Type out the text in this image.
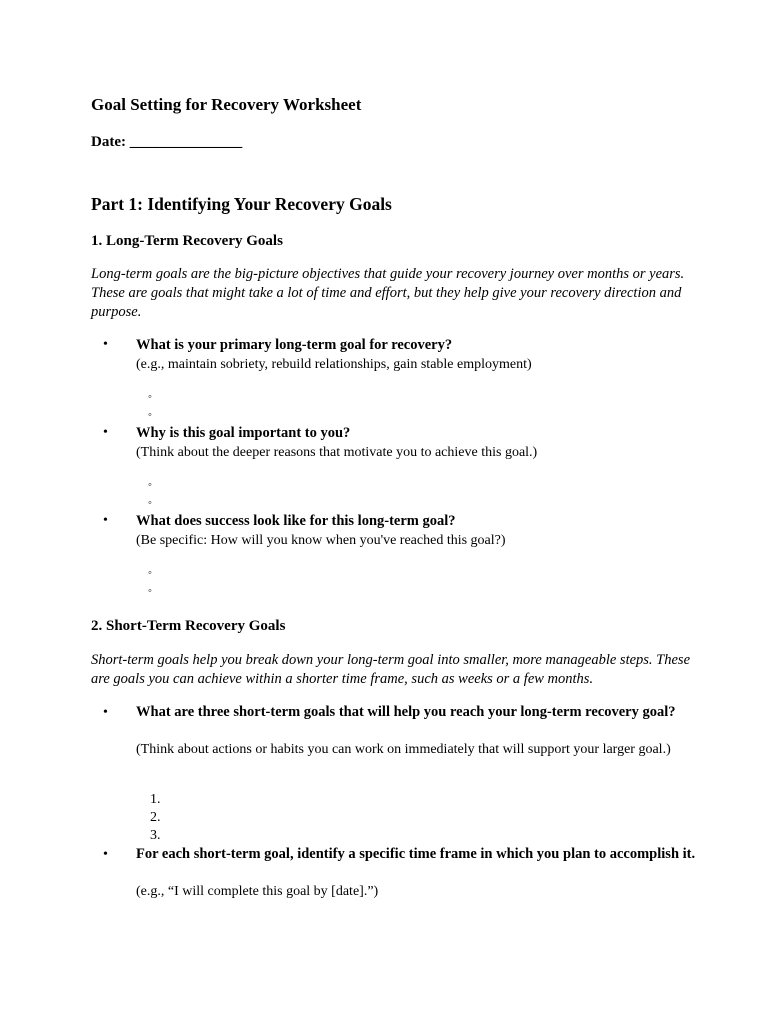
Goal Setting for Recovery Worksheet

Date: _______________

Part 1: Identifying Your Recovery Goals
1. Long-Term Recovery Goals

Long-term goals are the big-picture objectives that guide your recovery journey over months or years. These are goals that might take a lot of time and effort, but they help give your recovery direction and purpose.

• What is your primary long-term goal for recovery?

(e.g., maintain sobriety, rebuild relationships, gain stable employment)

◦
◦
• Why is this goal important to you?

(Think about the deeper reasons that motivate you to achieve this goal.)

◦
◦
• What does success look like for this long-term goal?

(Be specific: How will you know when you've reached this goal?)

◦
◦
2. Short-Term Recovery Goals

Short-term goals help you break down your long-term goal into smaller, more manageable steps. These are goals you can achieve within a shorter time frame, such as weeks or a few months.

• What are three short-term goals that will help you reach your long-term recovery goal?

(Think about actions or habits you can work on immediately that will support your larger goal.)

1.
2.
3.
• For each short-term goal, identify a specific time frame in which you plan to accomplish it.

(e.g., “I will complete this goal by [date].”)
